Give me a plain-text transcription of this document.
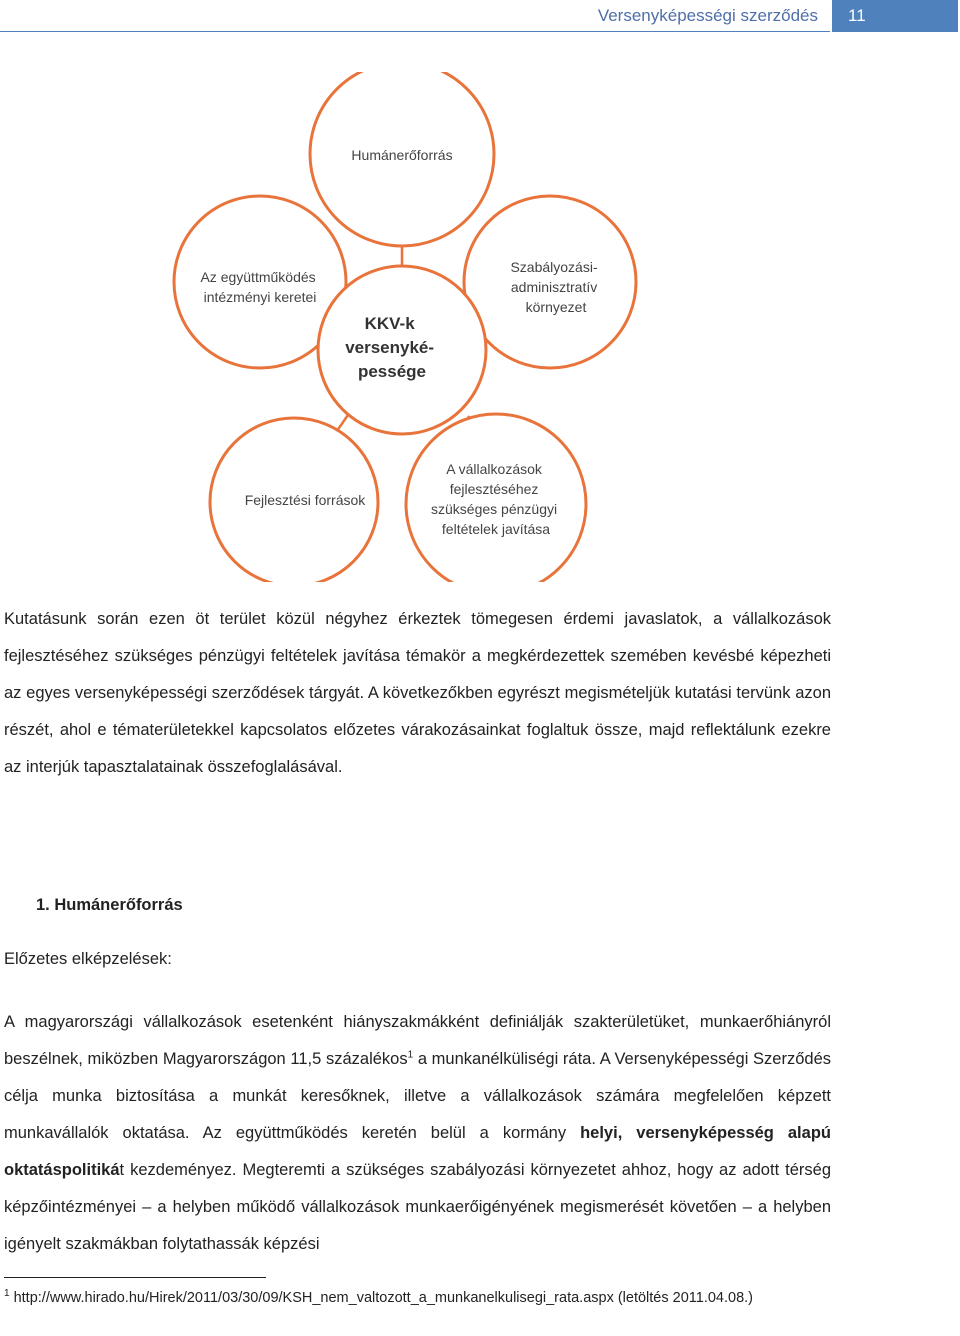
Versenyképességi szerződés	11
Humánerőforrás
Az együttműködés intézményi keretei
Szabályozási- adminisztratív környezet
KKV-k versenyké- pessége
Fejlesztési források
A vállalkozások fejlesztéséhez szükséges pénzügyi feltételek javítása

Kutatásunk során ezen öt terület közül négyhez érkeztek tömegesen érdemi javaslatok, a vállalkozások fejlesztéséhez szükséges pénzügyi feltételek javítása témakör a megkérdezettek szemében kevésbé képezheti az egyes versenyképességi szerződések tárgyát. A következőkben egyrészt megismételjük kutatási tervünk azon részét, ahol e tématerületekkel kapcsolatos előzetes várakozásainkat foglaltuk össze, majd reflektálunk ezekre az interjúk tapasztalatainak összefoglalásával.

1. Humánerőforrás
Előzetes elképzelések:

A magyarországi vállalkozások esetenként hiányszakmákként definiálják szakterületüket, munkaerőhiányról beszélnek, miközben Magyarországon 11,5 százalékos$^1$ a munkanélküliségi ráta. A Versenyképességi Szerződés célja munka biztosítása a munkát keresőknek, illetve a vállalkozások számára megfelelően képzett munkavállalók oktatása. Az együttműködés keretén belül a kormány helyi, versenyképesség alapú oktatáspolitikát kezdeményez. Megteremti a szükséges szabályozási környezetet ahhoz, hogy az adott térség képzőintézményei – a helyben működő vállalkozások munkaerőigényének megismerését követően – a helyben igényelt szakmákban folytathassák képzési

$^1$ http://www.hirado.hu/Hirek/2011/03/30/09/KSH_nem_valtozott_a_munkanelkulisegi_rata.aspx (letöltés 2011.04.08.)
